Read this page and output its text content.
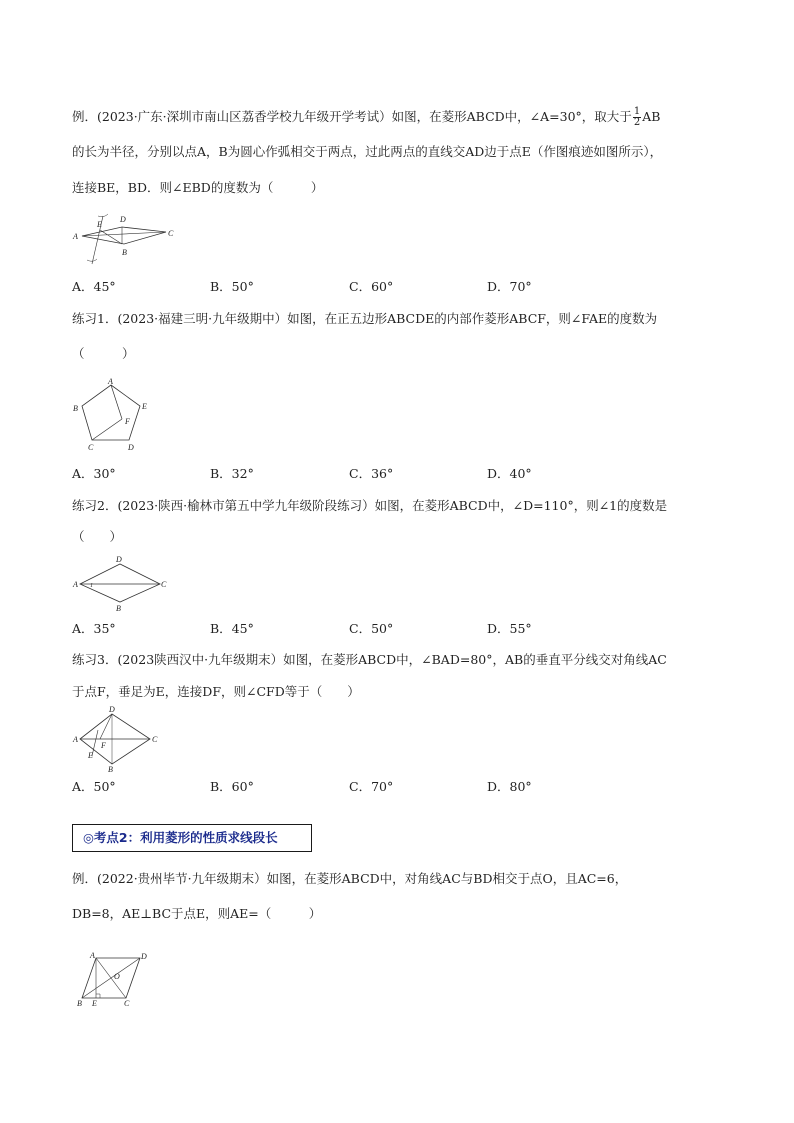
例．(2023·广东·深圳市南山区荔香学校九年级开学考试）如图，在菱形ABCD中，∠A=30°，取大于 $\frac{1}{2}$ AB
的长为半径，分别以点A，B为圆心作弧相交于两点，过此两点的直线交AD边于点E（作图痕迹如图所示），
连接BE，BD．则∠EBD的度数为（　　　）
A
E
D
B
C
A．45°	B．50°	C．60°	D．70°
练习1．(2023·福建三明·九年级期中）如图，在正五边形ABCDE的内部作菱形ABCF，则∠FAE的度数为
（　　　）
A
B	E
F
C	D
A．30°	B．32°	C．36°	D．40°
练习2．(2023·陕西·榆林市第五中学九年级阶段练习）如图，在菱形ABCD中，∠D=110°，则∠1的度数是
（　　）
D
A 1	C
B
A．35°	B．45°	C．50°	D．55°
练习3．(2023陕西汉中·九年级期末）如图，在菱形ABCD中，∠BAD=80°，AB的垂直平分线交对角线AC
于点F，垂足为E，连接DF，则∠CFD等于（　　）
D
A
F
C
E
B
A．50°	B．60°	C．70°	D．80°
◎考点2：利用菱形的性质求线段长
例．(2022·贵州毕节·九年级期末）如图，在菱形ABCD中，对角线AC与BD相交于点O，且AC=6，
DB=8，AE⊥BC于点E，则AE=（　　　）
A	D
O
B E	C
